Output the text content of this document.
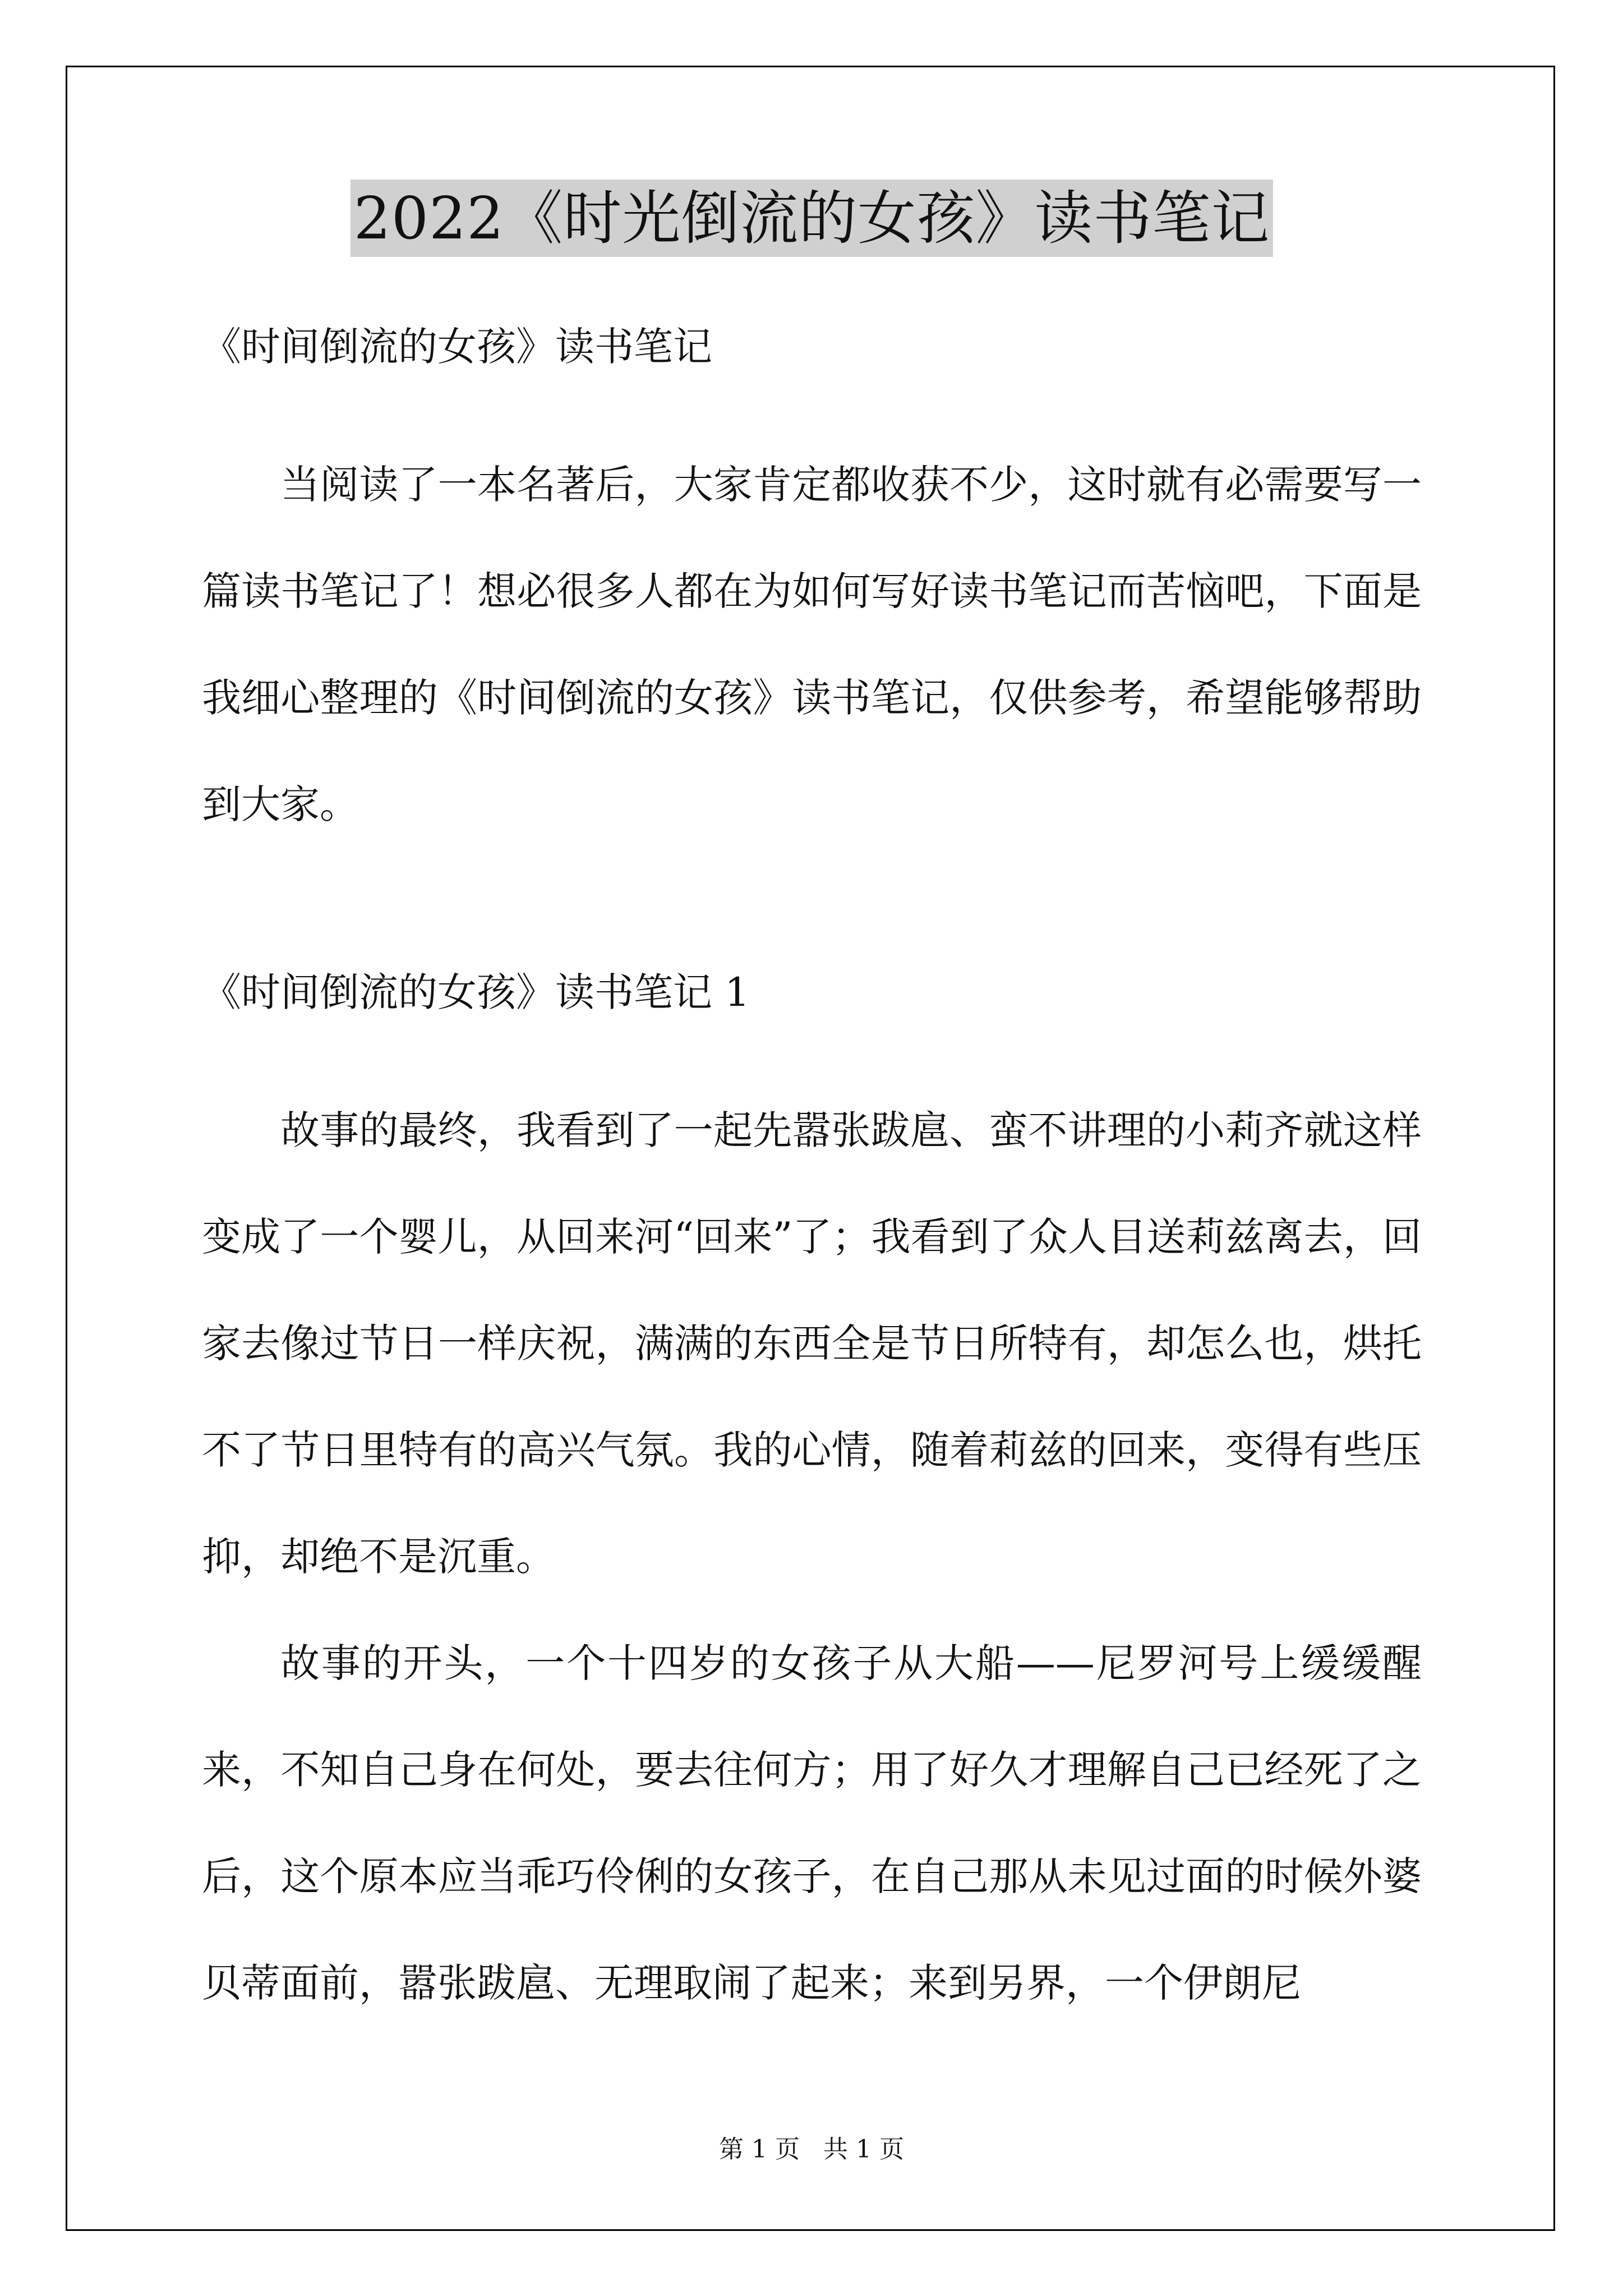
2022《时光倒流的女孩》读书笔记

《时间倒流的女孩》读书笔记

当阅读了一本名著后，大家肯定都收获不少，这时就有必需要写一篇读书笔记了！想必很多人都在为如何写好读书笔记而苦恼吧，下面是我细心整理的《时间倒流的女孩》读书笔记，仅供参考，希望能够帮助到大家。

《时间倒流的女孩》读书笔记 1

故事的最终，我看到了一起先嚣张跋扈、蛮不讲理的小莉齐就这样变成了一个婴儿，从回来河“回来”了；我看到了众人目送莉兹离去，回家去像过节日一样庆祝，满满的东西全是节日所特有，却怎么也，烘托不了节日里特有的高兴气氛。我的心情，随着莉兹的回来，变得有些压抑，却绝不是沉重。

故事的开头，一个十四岁的女孩子从大船——尼罗河号上缓缓醒来，不知自己身在何处，要去往何方；用了好久才理解自己已经死了之后，这个原本应当乖巧伶俐的女孩子，在自己那从未见过面的时候外婆贝蒂面前，嚣张跋扈、无理取闹了起来；来到另界，一个伊朗尼

第 1 页 共 1 页
